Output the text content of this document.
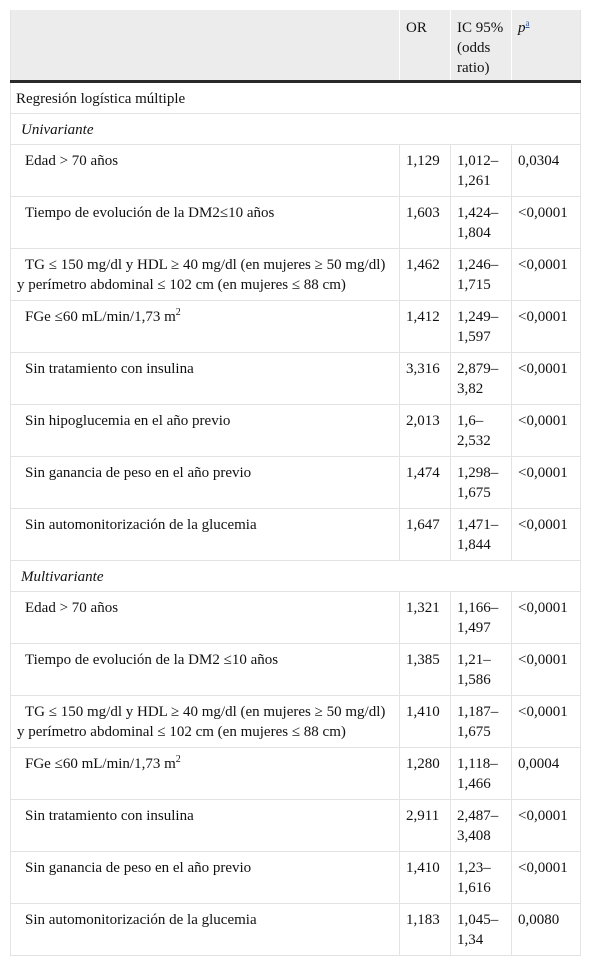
	OR	IC 95% (odds ratio)	$p^a$
Regresión logística múltiple			
Univariante			
Edad > 70 años	1,129	1,012–1,261	0,0304
Tiempo de evolución de la DM2≤10 años	1,603	1,424–1,804	<0,0001
TG ≤ 150 mg/dl y HDL ≥ 40 mg/dl (en mujeres ≥ 50 mg/dl) y perímetro abdominal ≤ 102 cm (en mujeres ≤ 88 cm)	1,462	1,246–1,715	<0,0001
FGe ≤60 mL/min/1,73 $m^2$	1,412	1,249–1,597	<0,0001
Sin tratamiento con insulina	3,316	2,879–3,82	<0,0001
Sin hipoglucemia en el año previo	2,013	1,6–2,532	<0,0001
Sin ganancia de peso en el año previo	1,474	1,298–1,675	<0,0001
Sin automonitorización de la glucemia	1,647	1,471–1,844	<0,0001
Multivariante			
Edad > 70 años	1,321	1,166–1,497	<0,0001
Tiempo de evolución de la DM2 ≤10 años	1,385	1,21–1,586	<0,0001
TG ≤ 150 mg/dl y HDL ≥ 40 mg/dl (en mujeres ≥ 50 mg/dl) y perímetro abdominal ≤ 102 cm (en mujeres ≤ 88 cm)	1,410	1,187–1,675	<0,0001
FGe ≤60 mL/min/1,73 $m^2$	1,280	1,118–1,466	0,0004
Sin tratamiento con insulina	2,911	2,487–3,408	<0,0001
Sin ganancia de peso en el año previo	1,410	1,23–1,616	<0,0001
Sin automonitorización de la glucemia	1,183	1,045–1,34	0,0080
